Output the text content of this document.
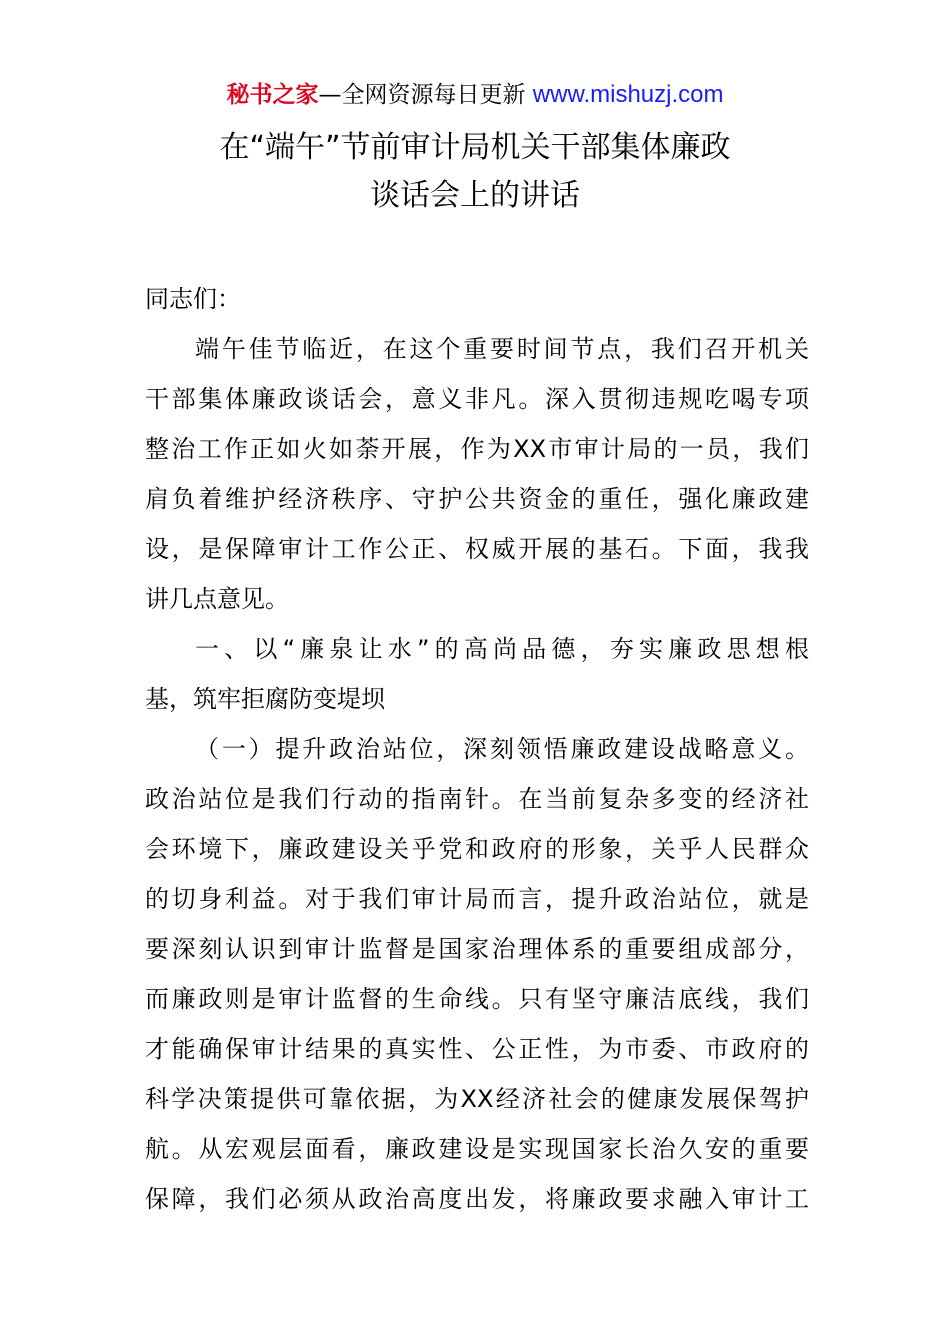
秘书之家—全网资源每日更新 www.mishuzj.com
在“端午”节前审计局机关干部集体廉政
谈话会上的讲话
同志们：
端午佳节临近，在这个重要时间节点，我们召开机关
干部集体廉政谈话会，意义非凡。深入贯彻违规吃喝专项
整治工作正如火如荼开展，作为XX市审计局的一员，我们
肩负着维护经济秩序、守护公共资金的重任，强化廉政建
设，是保障审计工作公正、权威开展的基石。下面，我我
讲几点意见。
一、以“廉泉让水”的高尚品德，夯实廉政思想根
基，筑牢拒腐防变堤坝
（一）提升政治站位，深刻领悟廉政建设战略意义。
政治站位是我们行动的指南针。在当前复杂多变的经济社
会环境下，廉政建设关乎党和政府的形象，关乎人民群众
的切身利益。对于我们审计局而言，提升政治站位，就是
要深刻认识到审计监督是国家治理体系的重要组成部分，
而廉政则是审计监督的生命线。只有坚守廉洁底线，我们
才能确保审计结果的真实性、公正性，为市委、市政府的
科学决策提供可靠依据，为XX经济社会的健康发展保驾护
航。从宏观层面看，廉政建设是实现国家长治久安的重要
保障，我们必须从政治高度出发，将廉政要求融入审计工
